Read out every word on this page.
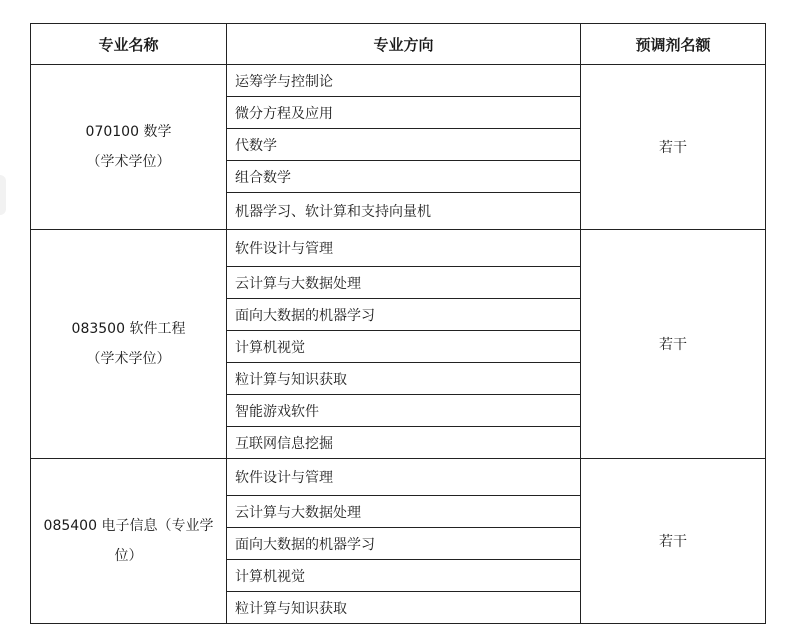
专业名称	专业方向	预调剂名额

070100 数学
（学术学位）	运筹学与控制论	若干
	微分方程及应用	
	代数学	
	组合数学	
	机器学习、软计算和支持向量机	

083500 软件工程
（学术学位）	软件设计与管理	若干
	云计算与大数据处理	
	面向大数据的机器学习	
	计算机视觉	
	粒计算与知识获取	
	智能游戏软件	
	互联网信息挖掘	

085400 电子信息（专业学
位）	软件设计与管理	若干
	云计算与大数据处理	
	面向大数据的机器学习	
	计算机视觉	
	粒计算与知识获取	
